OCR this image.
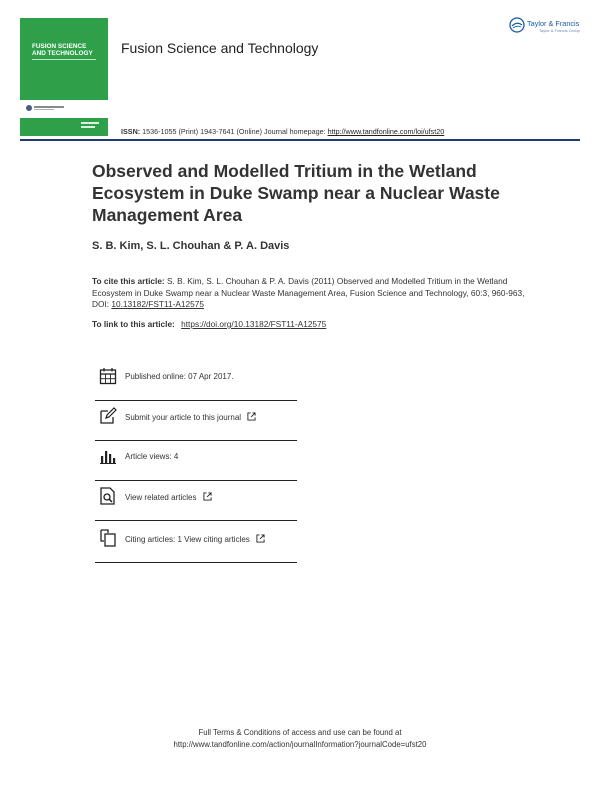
FUSION SCIENCE
AND TECHNOLOGY	Fusion Science and Technology
Taylor & Francis
Taylor & Francis Group
ISSN: 1536-1055 (Print) 1943-7641 (Online) Journal homepage: http://www.tandfonline.com/loi/ufst20
Observed and Modelled Tritium in the Wetland Ecosystem in Duke Swamp near a Nuclear Waste Management Area
S. B. Kim, S. L. Chouhan & P. A. Davis
To cite this article: S. B. Kim, S. L. Chouhan & P. A. Davis (2011) Observed and Modelled Tritium in the Wetland Ecosystem in Duke Swamp near a Nuclear Waste Management Area, Fusion Science and Technology, 60:3, 960-963, DOI: 10.13182/FST11-A12575
To link to this article: https://doi.org/10.13182/FST11-A12575
Published online: 07 Apr 2017.
Submit your article to this journal
Article views: 4
View related articles
Citing articles: 1 View citing articles
Full Terms & Conditions of access and use can be found at
http://www.tandfonline.com/action/journalInformation?journalCode=ufst20
